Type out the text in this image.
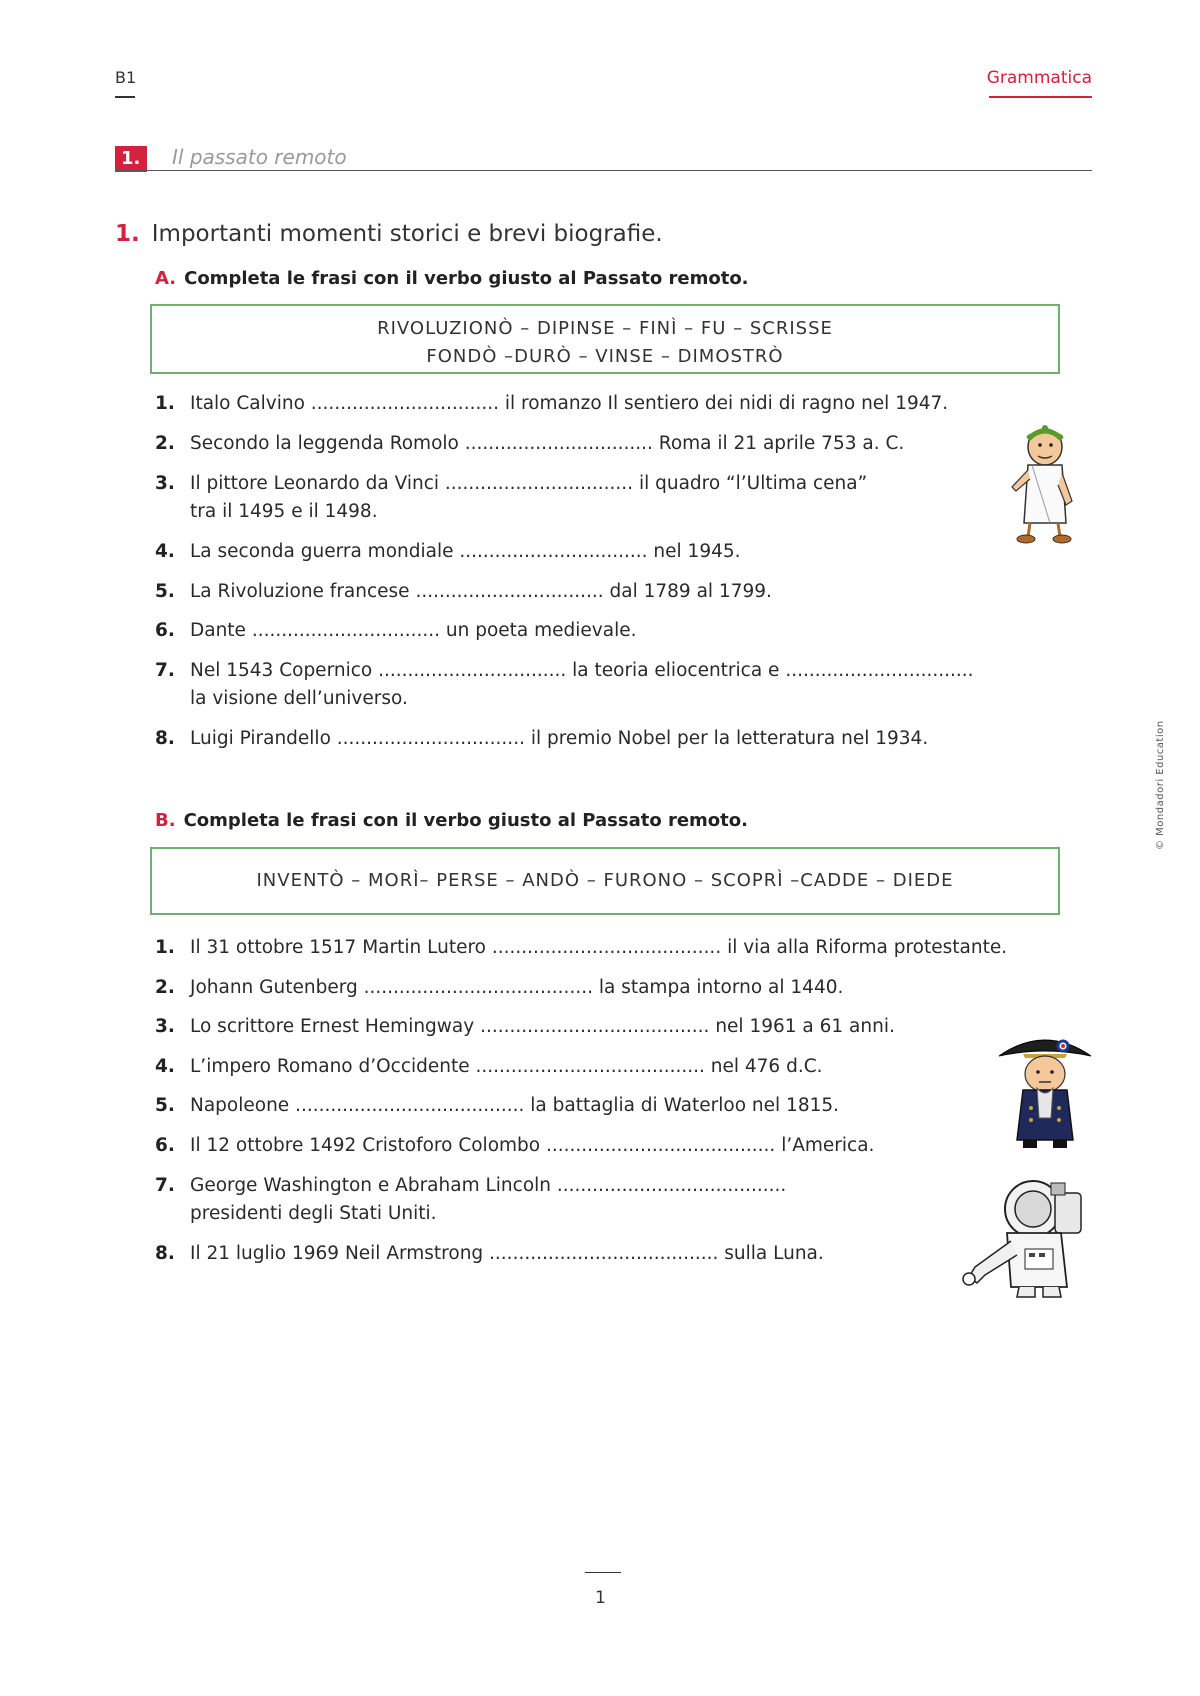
B1	Grammatica
1.	Il passato remoto
1. Importanti momenti storici e brevi biografie.
A. Completa le frasi con il verbo giusto al Passato remoto.
RIVOLUZIONÒ – DIPINSE – FINÌ – FU – SCRISSE
FONDÒ –DURÒ – VINSE – DIMOSTRÒ
1. Italo Calvino ................................ il romanzo Il sentiero dei nidi di ragno nel 1947.
2. Secondo la leggenda Romolo ................................ Roma il 21 aprile 753 a. C.
3. Il pittore Leonardo da Vinci ................................ il quadro “l’Ultima cena”
tra il 1495 e il 1498.
4. La seconda guerra mondiale ................................ nel 1945.
5. La Rivoluzione francese ................................ dal 1789 al 1799.
6. Dante ................................ un poeta medievale.
7. Nel 1543 Copernico ................................ la teoria eliocentrica e ................................
la visione dell’universo.
8. Luigi Pirandello ................................ il premio Nobel per la letteratura nel 1934.
B. Completa le frasi con il verbo giusto al Passato remoto.
INVENTÒ – MORÌ– PERSE – ANDÒ – FURONO – SCOPRÌ –CADDE – DIEDE
1. Il 31 ottobre 1517 Martin Lutero ....................................... il via alla Riforma protestante.
2. Johann Gutenberg ....................................... la stampa intorno al 1440.
3. Lo scrittore Ernest Hemingway ....................................... nel 1961 a 61 anni.
4. L’impero Romano d’Occidente ....................................... nel 476 d.C.
5. Napoleone ....................................... la battaglia di Waterloo nel 1815.
6. Il 12 ottobre 1492 Cristoforo Colombo ....................................... l’America.
7. George Washington e Abraham Lincoln .......................................
presidenti degli Stati Uniti.
8. Il 21 luglio 1969 Neil Armstrong ....................................... sulla Luna.
© Mondadori Education
1
